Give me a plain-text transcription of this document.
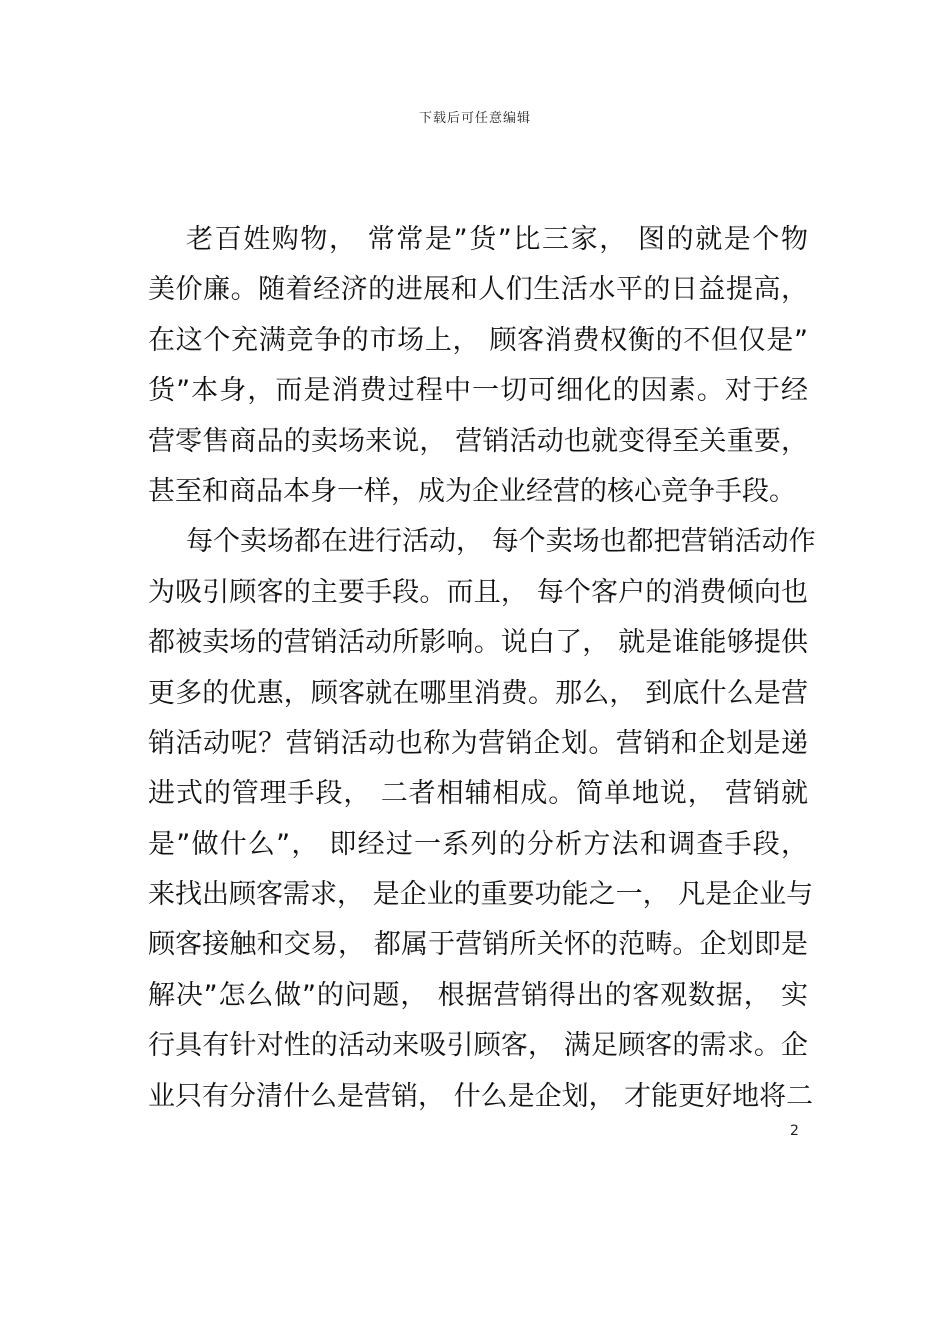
下载后可任意编辑
老百姓购物， 常常是”货”比三家， 图的就是个物
美价廉。随着经济的进展和人们生活水平的日益提高，
在这个充满竞争的市场上， 顾客消费权衡的不但仅是”
货”本身，而是消费过程中一切可细化的因素。对于经
营零售商品的卖场来说， 营销活动也就变得至关重要，
甚至和商品本身一样，成为企业经营的核心竞争手段。
每个卖场都在进行活动， 每个卖场也都把营销活动作
为吸引顾客的主要手段。而且， 每个客户的消费倾向也
都被卖场的营销活动所影响。说白了， 就是谁能够提供
更多的优惠，顾客就在哪里消费。那么， 到底什么是营
销活动呢？营销活动也称为营销企划。营销和企划是递
进式的管理手段， 二者相辅相成。简单地说， 营销就
是”做什么”， 即经过一系列的分析方法和调查手段，
来找出顾客需求， 是企业的重要功能之一， 凡是企业与
顾客接触和交易， 都属于营销所关怀的范畴。企划即是
解决”怎么做”的问题， 根据营销得出的客观数据， 实
行具有针对性的活动来吸引顾客， 满足顾客的需求。企
业只有分清什么是营销， 什么是企划， 才能更好地将二
2
